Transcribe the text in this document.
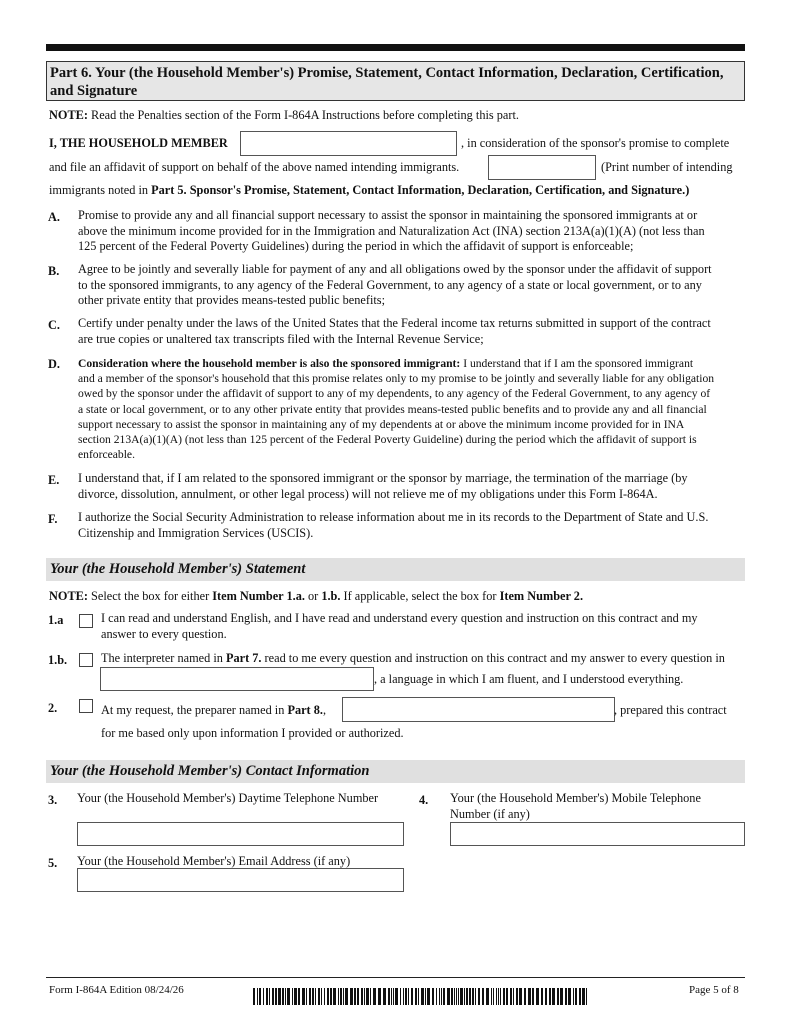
Part 6. Your (the Household Member's) Promise, Statement, Contact Information, Declaration, Certification, and Signature
NOTE: Read the Penalties section of the Form I-864A Instructions before completing this part.
I, THE HOUSEHOLD MEMBER	, in consideration of the sponsor's promise to complete
and file an affidavit of support on behalf of the above named intending immigrants.	(Print number of intending
immigrants noted in Part 5. Sponsor's Promise, Statement, Contact Information, Declaration, Certification, and Signature.)
A. Promise to provide any and all financial support necessary to assist the sponsor in maintaining the sponsored immigrants at or
above the minimum income provided for in the Immigration and Naturalization Act (INA) section 213A(a)(1)(A) (not less than
125 percent of the Federal Poverty Guidelines) during the period in which the affidavit of support is enforceable;
B. Agree to be jointly and severally liable for payment of any and all obligations owed by the sponsor under the affidavit of support
to the sponsored immigrants, to any agency of the Federal Government, to any agency of a state or local government, or to any
other private entity that provides means-tested public benefits;
C. Certify under penalty under the laws of the United States that the Federal income tax returns submitted in support of the contract
are true copies or unaltered tax transcripts filed with the Internal Revenue Service;
D. Consideration where the household member is also the sponsored immigrant: I understand that if I am the sponsored immigrant
and a member of the sponsor's household that this promise relates only to my promise to be jointly and severally liable for any obligation
owed by the sponsor under the affidavit of support to any of my dependents, to any agency of the Federal Government, to any agency of
a state or local government, or to any other private entity that provides means-tested public benefits and to provide any and all financial
support necessary to assist the sponsor in maintaining any of my dependents at or above the minimum income provided for in INA
section 213A(a)(1)(A) (not less than 125 percent of the Federal Poverty Guideline) during the period which the affidavit of support is
enforceable.
E. I understand that, if I am related to the sponsored immigrant or the sponsor by marriage, the termination of the marriage (by
divorce, dissolution, annulment, or other legal process) will not relieve me of my obligations under this Form I-864A.
F. I authorize the Social Security Administration to release information about me in its records to the Department of State and U.S.
Citizenship and Immigration Services (USCIS).
Your (the Household Member's) Statement
NOTE: Select the box for either Item Number 1.a. or 1.b. If applicable, select the box for Item Number 2.
1.a	I can read and understand English, and I have read and understand every question and instruction on this contract and my
answer to every question.
1.b.	The interpreter named in Part 7. read to me every question and instruction on this contract and my answer to every question in
, a language in which I am fluent, and I understood everything.
2.	At my request, the preparer named in Part 8.,	, prepared this contract
for me based only upon information I provided or authorized.
Your (the Household Member's) Contact Information
3. Your (the Household Member's) Daytime Telephone Number	4. Your (the Household Member's) Mobile Telephone
Number (if any)
5. Your (the Household Member's) Email Address (if any)
Form I-864A Edition 08/24/26	Page 5 of 8
